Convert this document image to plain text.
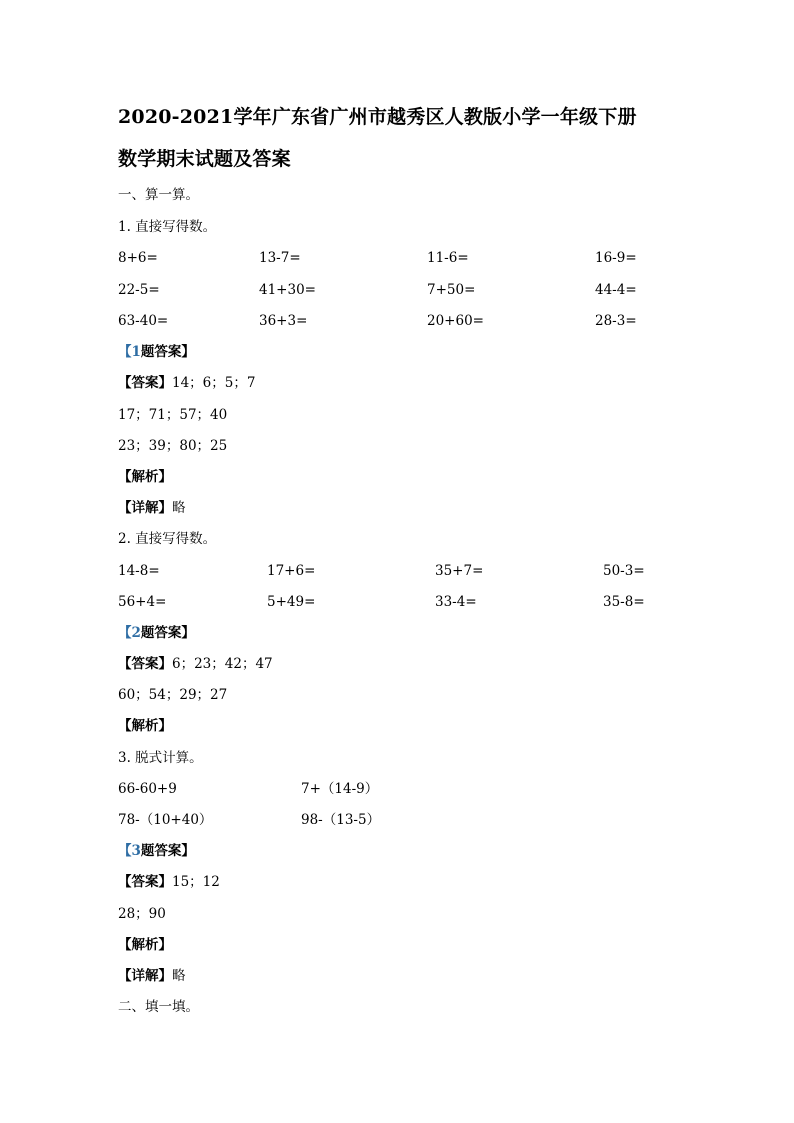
2020-2021学年广东省广州市越秀区人教版小学一年级下册
数学期末试题及答案
一、算一算。
1. 直接写得数。
8+6=	13-7=	11-6=	16-9=
22-5=	41+30=	7+50=	44-4=
63-40=	36+3=	20+60=	28-3=
【1题答案】
【答案】14；6；5；7
17；71；57；40
23；39；80；25
【解析】
【详解】略
2. 直接写得数。
14-8=	17+6=	35+7=	50-3=
56+4=	5+49=	33-4=	35-8=
【2题答案】
【答案】6；23；42；47
60；54；29；27
【解析】
3. 脱式计算。
66-60+9	7+（14-9）
78-（10+40）	98-（13-5）
【3题答案】
【答案】15；12
28；90
【解析】
【详解】略
二、填一填。
